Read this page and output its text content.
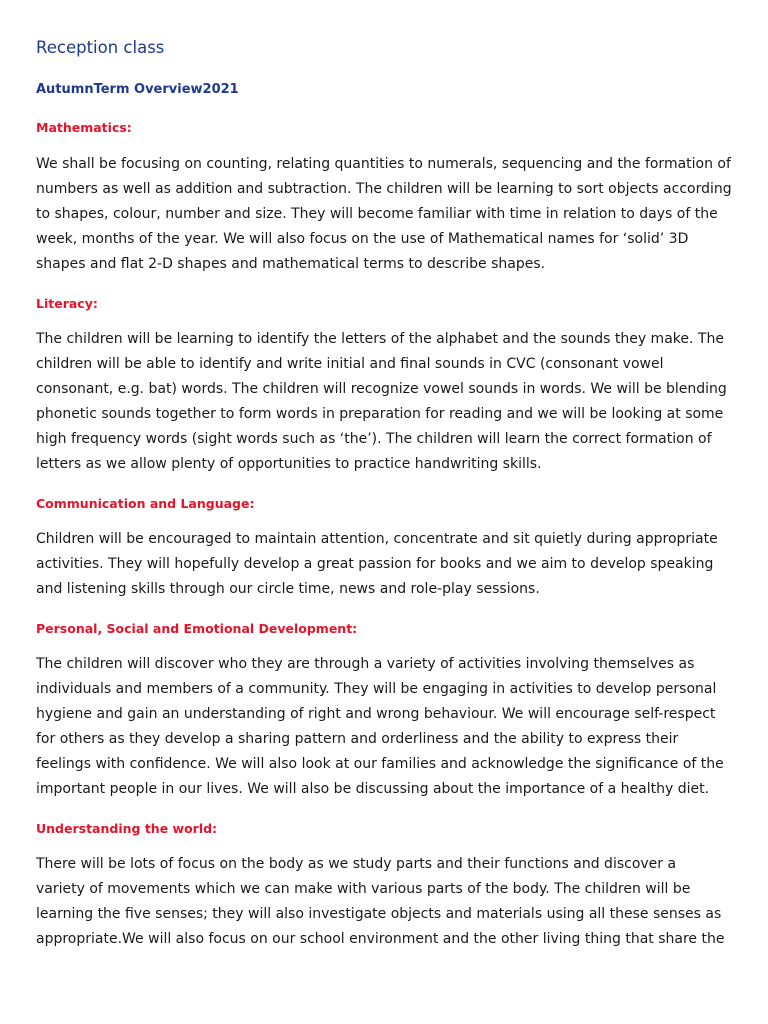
Reception class
AutumnTerm Overview2021
Mathematics:
We shall be focusing on counting, relating quantities to numerals, sequencing and the formation of
numbers as well as addition and subtraction. The children will be learning to sort objects according
to shapes, colour, number and size. They will become familiar with time in relation to days of the
week, months of the year. We will also focus on the use of Mathematical names for ‘solid’ 3D
shapes and flat 2-D shapes and mathematical terms to describe shapes.
Literacy:
The children will be learning to identify the letters of the alphabet and the sounds they make. The
children will be able to identify and write initial and final sounds in CVC (consonant vowel
consonant, e.g. bat) words. The children will recognize vowel sounds in words. We will be blending
phonetic sounds together to form words in preparation for reading and we will be looking at some
high frequency words (sight words such as ‘the’). The children will learn the correct formation of
letters as we allow plenty of opportunities to practice handwriting skills.
Communication and Language:
Children will be encouraged to maintain attention, concentrate and sit quietly during appropriate
activities. They will hopefully develop a great passion for books and we aim to develop speaking
and listening skills through our circle time, news and role-play sessions.
Personal, Social and Emotional Development:
The children will discover who they are through a variety of activities involving themselves as
individuals and members of a community. They will be engaging in activities to develop personal
hygiene and gain an understanding of right and wrong behaviour. We will encourage self-respect
for others as they develop a sharing pattern and orderliness and the ability to express their
feelings with confidence. We will also look at our families and acknowledge the significance of the
important people in our lives. We will also be discussing about the importance of a healthy diet.
Understanding the world:
There will be lots of focus on the body as we study parts and their functions and discover a
variety of movements which we can make with various parts of the body. The children will be
learning the five senses; they will also investigate objects and materials using all these senses as
appropriate.We will also focus on our school environment and the other living thing that share the
